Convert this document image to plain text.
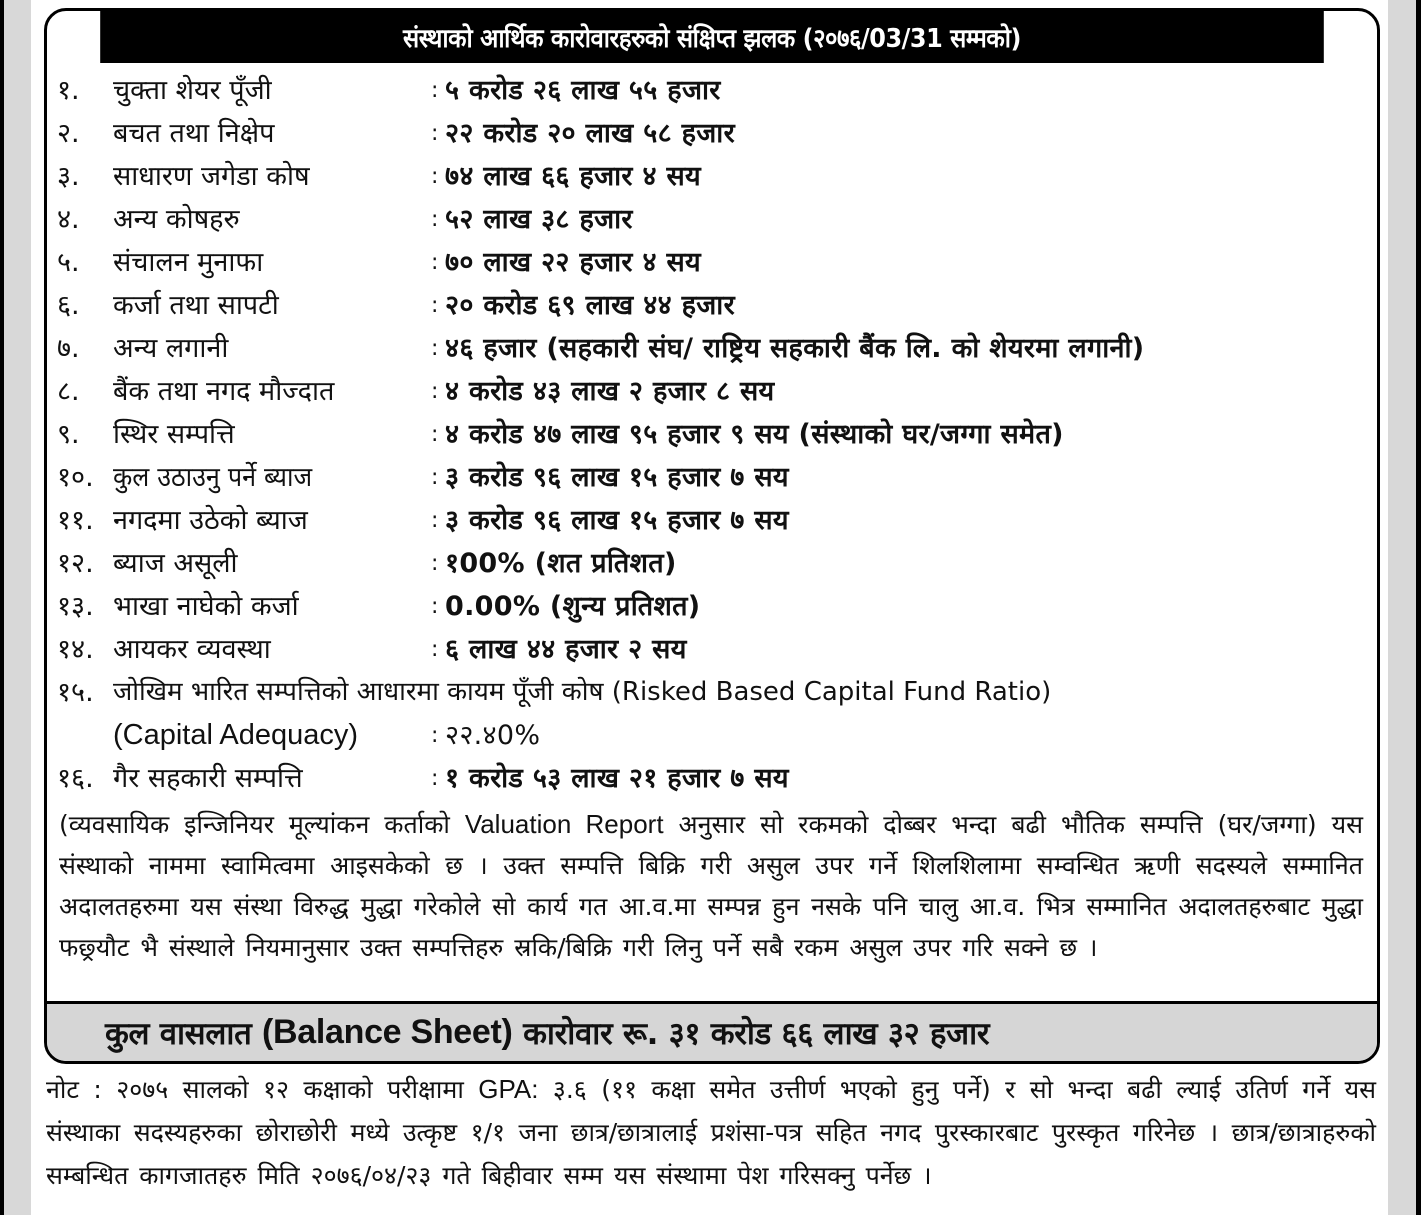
संस्थाको आर्थिक कारोवारहरुको संक्षिप्त झलक (२०७६/03/31 सम्मको)
१.	चुक्ता शेयर पूँजी	: ५ करोड २६ लाख ५५ हजार
२.	बचत तथा निक्षेप	: २२ करोड २० लाख ५८ हजार
३.	साधारण जगेडा कोष	: ७४ लाख ६६ हजार ४ सय
४.	अन्य कोषहरु	: ५२ लाख ३८ हजार
५.	संचालन मुनाफा	: ७० लाख २२ हजार ४ सय
६.	कर्जा तथा सापटी	: २० करोड ६९ लाख ४४ हजार
७.	अन्य लगानी	: ४६ हजार (सहकारी संघ/ राष्ट्रिय सहकारी बैंक लि. को शेयरमा लगानी)
८.	बैंक तथा नगद मौज्दात	: ४ करोड ४३ लाख २ हजार ८ सय
९.	स्थिर सम्पत्ति	: ४ करोड ४७ लाख ९५ हजार ९ सय (संस्थाको घर/जग्गा समेत)
१०. कुल उठाउनु पर्ने ब्याज	: ३ करोड ९६ लाख १५ हजार ७ सय
११. नगदमा उठेको ब्याज	: ३ करोड ९६ लाख १५ हजार ७ सय
१२. ब्याज असूली	: १00% (शत प्रतिशत)
१३. भाखा नाघेको कर्जा	: 0.00% (शुन्य प्रतिशत)
१४. आयकर व्यवस्था	: ६ लाख ४४ हजार २ सय
१५. जोखिम भारित सम्पत्तिको आधारमा कायम पूँजी कोष (Risked Based Capital Fund Ratio)
(Capital Adequacy)	: २२.४0%
१६. गैर सहकारी सम्पत्ति	: १ करोड ५३ लाख २१ हजार ७ सय

(व्यवसायिक इन्जिनियर मूल्यांकन कर्ताको Valuation Report अनुसार सो रकमको दोब्बर भन्दा बढी भौतिक सम्पत्ति (घर/जग्गा) यस संस्थाको नाममा स्वामित्वमा आइसकेको छ । उक्त सम्पत्ति बिक्रि गरी असुल उपर गर्ने शिलशिलामा सम्वन्धित ऋणी सदस्यले सम्मानित अदालतहरुमा यस संस्था विरुद्ध मुद्धा गरेकोले सो कार्य गत आ.व.मा सम्पन्न हुन नसके पनि चालु आ.व. भित्र सम्मानित अदालतहरुबाट मुद्धा फछ्र्यौट भै संस्थाले नियमानुसार उक्त सम्पत्तिहरु स्रकि/बिक्रि गरी लिनु पर्ने सबै रकम असुल उपर गरि सक्ने छ ।

कुल वासलात
(Balance Sheet)
कारोवार रू. ३१ करोड ६६ लाख ३२ हजार

नोट : २०७५ सालको १२ कक्षाको परीक्षामा GPA: ३.६ (११ कक्षा समेत उत्तीर्ण भएको हुनु पर्ने) र सो भन्दा बढी ल्याई उतिर्ण गर्ने यस संस्थाका सदस्यहरुका छोराछोरी मध्ये उत्कृष्ट १/१ जना छात्र/छात्रालाई प्रशंसा-पत्र सहित नगद पुरस्कारबाट पुरस्कृत गरिनेछ । छात्र/छात्राहरुको सम्बन्धित कागजातहरु मिति २०७६/०४/२३ गते बिहीवार सम्म यस संस्थामा पेश गरिसक्नु पर्नेछ ।
